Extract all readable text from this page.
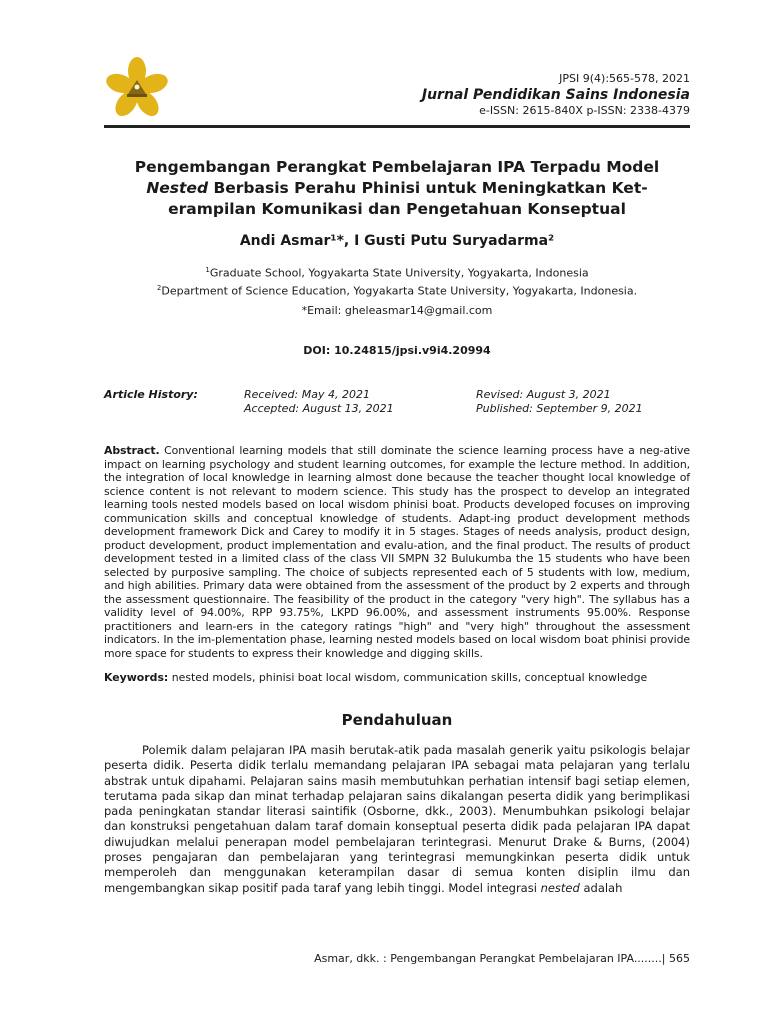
JPSI 9(4):565-578, 2021
Jurnal Pendidikan Sains Indonesia
e-ISSN: 2615-840X p-ISSN: 2338-4379
Pengembangan Perangkat Pembelajaran IPA Terpadu Model
Nested Berbasis Perahu Phinisi untuk Meningkatkan Ket-
erampilan Komunikasi dan Pengetahuan Konseptual
Andi Asmar¹*, I Gusti Putu Suryadarma²
$^1$Graduate School, Yogyakarta State University, Yogyakarta, Indonesia
$^2$Department of Science Education, Yogyakarta State University, Yogyakarta, Indonesia.
*Email: gheleasmar14@gmail.com
DOI: 10.24815/jpsi.v9i4.20994
Article History:	Received: May 4, 2021
Accepted: August 13, 2021
Revised: August 3, 2021
Published: September 9, 2021
Abstract. Conventional learning models that still dominate the science learning process have a neg-ative impact on learning psychology and student learning outcomes, for example the lecture method. In addition, the integration of local knowledge in learning almost done because the teacher thought local knowledge of science content is not relevant to modern science. This study has the prospect to develop an integrated learning tools nested models based on local wisdom phinisi boat. Products developed focuses on improving communication skills and conceptual knowledge of students. Adapt-ing product development methods development framework Dick and Carey to modify it in 5 stages. Stages of needs analysis, product design, product development, product implementation and evalu-ation, and the final product. The results of product development tested in a limited class of the class VII SMPN 32 Bulukumba the 15 students who have been selected by purposive sampling. The choice of subjects represented each of 5 students with low, medium, and high abilities. Primary data were obtained from the assessment of the product by 2 experts and through the assessment questionnaire. The feasibility of the product in the category "very high". The syllabus has a validity level of 94.00%, RPP 93.75%, LKPD 96.00%, and assessment instruments 95.00%. Response practitioners and learn-ers in the category ratings "high" and "very high" throughout the assessment indicators. In the im-plementation phase, learning nested models based on local wisdom boat phinisi provide more space for students to express their knowledge and digging skills.
Keywords: nested models, phinisi boat local wisdom, communication skills, conceptual knowledge
Pendahuluan
Polemik dalam pelajaran IPA masih berutak-atik pada masalah generik yaitu psikologis belajar peserta didik. Peserta didik terlalu memandang pelajaran IPA sebagai mata pelajaran yang terlalu abstrak untuk dipahami. Pelajaran sains masih membutuhkan perhatian intensif bagi setiap elemen, terutama pada sikap dan minat terhadap pelajaran sains dikalangan peserta didik yang berimplikasi pada peningkatan standar literasi saintifik (Osborne, dkk., 2003). Menumbuhkan psikologi belajar dan konstruksi pengetahuan dalam taraf domain konseptual peserta didik pada pelajaran IPA dapat diwujudkan melalui penerapan model pembelajaran terintegrasi. Menurut Drake & Burns, (2004) proses pengajaran dan pembelajaran yang terintegrasi memungkinkan peserta didik untuk memperoleh dan menggunakan keterampilan dasar di semua konten disiplin ilmu dan mengembangkan sikap positif pada taraf yang lebih tinggi. Model integrasi nested adalah
Asmar, dkk. : Pengembangan Perangkat Pembelajaran IPA........| 565
